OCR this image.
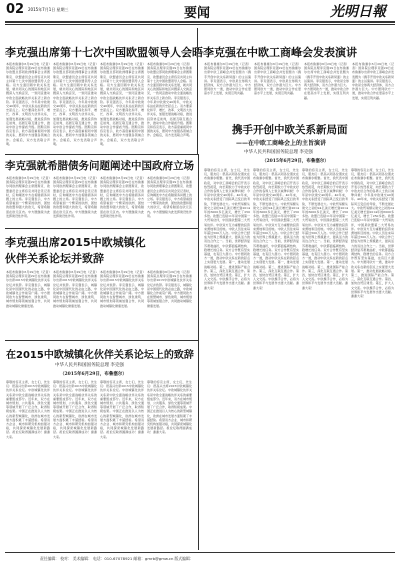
02 2015年7月1日 星期三	要闻	光明日報
李克强出席第十七次中国欧盟领导人会晤
本报布鲁塞尔6月29日电（记者）国务院总理李克强29日在布鲁塞尔欧盟总部同欧洲理事会主席图斯克、欧盟委员会主席容克共同主持第十七次中国欧盟领导人会晤。双方全面回顾中欧关系发展，就共同关心的国际和地区问题深入交换意见，一致同意推动中欧全面战略伙伴关系迈上新台阶。李克强表示，今年是中欧建交40周年，中欧关系站在新的历史起点上。双方要深化和平、增长、改革、文明四大伙伴关系，加强发展战略对接，推进投资协定谈判，拓展互联互通合作，推动中欧合作提质升级。图斯克和容克表示，欧方高度重视同中国的关系，愿同中方加强各领域合作。会晤后，双方发表联合声明。
本报布鲁塞尔6月29日电（记者）国务院总理李克强29日在布鲁塞尔欧盟总部同欧洲理事会主席图斯克、欧盟委员会主席容克共同主持第十七次中国欧盟领导人会晤。双方全面回顾中欧关系发展，就共同关心的国际和地区问题深入交换意见，一致同意推动中欧全面战略伙伴关系迈上新台阶。李克强表示，今年是中欧建交40周年，中欧关系站在新的历史起点上。双方要深化和平、增长、改革、文明四大伙伴关系，加强发展战略对接，推进投资协定谈判，拓展互联互通合作，推动中欧合作提质升级。图斯克和容克表示，欧方高度重视同中国的关系，愿同中方加强各领域合作。会晤后，双方发表联合声明。
本报布鲁塞尔6月29日电（记者）国务院总理李克强29日在布鲁塞尔欧盟总部同欧洲理事会主席图斯克、欧盟委员会主席容克共同主持第十七次中国欧盟领导人会晤。双方全面回顾中欧关系发展，就共同关心的国际和地区问题深入交换意见，一致同意推动中欧全面战略伙伴关系迈上新台阶。李克强表示，今年是中欧建交40周年，中欧关系站在新的历史起点上。双方要深化和平、增长、改革、文明四大伙伴关系，加强发展战略对接，推进投资协定谈判，拓展互联互通合作，推动中欧合作提质升级。图斯克和容克表示，欧方高度重视同中国的关系，愿同中方加强各领域合作。会晤后，双方发表联合声明。
本报布鲁塞尔6月29日电（记者）国务院总理李克强29日在布鲁塞尔欧盟总部同欧洲理事会主席图斯克、欧盟委员会主席容克共同主持第十七次中国欧盟领导人会晤。双方全面回顾中欧关系发展，就共同关心的国际和地区问题深入交换意见，一致同意推动中欧全面战略伙伴关系迈上新台阶。李克强表示，今年是中欧建交40周年，中欧关系站在新的历史起点上。双方要深化和平、增长、改革、文明四大伙伴关系，加强发展战略对接，推进投资协定谈判，拓展互联互通合作，推动中欧合作提质升级。图斯克和容克表示，欧方高度重视同中国的关系，愿同中方加强各领域合作。会晤后，双方发表联合声明。
李克强在中欧工商峰会发表演讲
本报布鲁塞尔6月29日电（记者）国务院总理李克强29日在布鲁塞尔出席中欧工商峰会并发表题为《携手开创中欧关系新局面》的主旨演讲。李克强表示，中欧是全球两大经济体，双方合作潜力巨大。中方愿同欧方一道，推动中欧合作在更高水平上发展，实现互利共赢。
本报布鲁塞尔6月29日电（记者）国务院总理李克强29日在布鲁塞尔出席中欧工商峰会并发表题为《携手开创中欧关系新局面》的主旨演讲。李克强表示，中欧是全球两大经济体，双方合作潜力巨大。中方愿同欧方一道，推动中欧合作在更高水平上发展，实现互利共赢。
本报布鲁塞尔6月29日电（记者）国务院总理李克强29日在布鲁塞尔出席中欧工商峰会并发表题为《携手开创中欧关系新局面》的主旨演讲。李克强表示，中欧是全球两大经济体，双方合作潜力巨大。中方愿同欧方一道，推动中欧合作在更高水平上发展，实现互利共赢。
本报布鲁塞尔6月29日电（记者）国务院总理李克强29日在布鲁塞尔出席中欧工商峰会并发表题为《携手开创中欧关系新局面》的主旨演讲。李克强表示，中欧是全球两大经济体，双方合作潜力巨大。中方愿同欧方一道，推动中欧合作在更高水平上发展，实现互利共赢。
携手开创中欧关系新局面
——在中欧工商峰会上的主旨演讲
中华人民共和国国务院总理 李克强
（2015年6月29日，布鲁塞尔）
尊敬的容克主席，女士们，先生们，朋友们：很高兴同各位朋友在布鲁塞尔相聚。首先，我代表中国政府，对中欧工商峰会的召开表示热烈祝贺，向长期致力于中欧友好合作的各界人士致以诚挚问候！今年是中欧建交40周年。40年来，中欧关系经受了国际风云变幻的考验，不断发展壮大。中欧贸易额从建交之初的24亿美元增长到2014年的6000多亿美元，增长了250多倍。欧盟已连续11年是中国第一大贸易伙伴，中国是欧盟第二大贸易伙伴。中欧双方互为重要的投资来源地和目的地。中欧人员往来每年超过500万人次。中欧合作已经成为世界上规模最大、最具活力的双边合作之一。当前，世界经济复苏艰难曲折，中欧都面临调结构、稳增长的任务。双方合作既有坚实基础，也有巨大潜力。中方愿同欧方一道，推动中欧关系在新的起点上实现更大发展。第一，推动发展战略对接。第二，推进国际产能合作。第三，深化互联互通合作。第四，加快自贸区建设。第五，扩大人文交流。中欧携手合作，必将为世界和平与发展作出更大贡献。谢谢大家！
尊敬的容克主席，女士们，先生们，朋友们：很高兴同各位朋友在布鲁塞尔相聚。首先，我代表中国政府，对中欧工商峰会的召开表示热烈祝贺，向长期致力于中欧友好合作的各界人士致以诚挚问候！今年是中欧建交40周年。40年来，中欧关系经受了国际风云变幻的考验，不断发展壮大。中欧贸易额从建交之初的24亿美元增长到2014年的6000多亿美元，增长了250多倍。欧盟已连续11年是中国第一大贸易伙伴，中国是欧盟第二大贸易伙伴。中欧双方互为重要的投资来源地和目的地。中欧人员往来每年超过500万人次。中欧合作已经成为世界上规模最大、最具活力的双边合作之一。当前，世界经济复苏艰难曲折，中欧都面临调结构、稳增长的任务。双方合作既有坚实基础，也有巨大潜力。中方愿同欧方一道，推动中欧关系在新的起点上实现更大发展。第一，推动发展战略对接。第二，推进国际产能合作。第三，深化互联互通合作。第四，加快自贸区建设。第五，扩大人文交流。中欧携手合作，必将为世界和平与发展作出更大贡献。谢谢大家！
尊敬的容克主席，女士们，先生们，朋友们：很高兴同各位朋友在布鲁塞尔相聚。首先，我代表中国政府，对中欧工商峰会的召开表示热烈祝贺，向长期致力于中欧友好合作的各界人士致以诚挚问候！今年是中欧建交40周年。40年来，中欧关系经受了国际风云变幻的考验，不断发展壮大。中欧贸易额从建交之初的24亿美元增长到2014年的6000多亿美元，增长了250多倍。欧盟已连续11年是中国第一大贸易伙伴，中国是欧盟第二大贸易伙伴。中欧双方互为重要的投资来源地和目的地。中欧人员往来每年超过500万人次。中欧合作已经成为世界上规模最大、最具活力的双边合作之一。当前，世界经济复苏艰难曲折，中欧都面临调结构、稳增长的任务。双方合作既有坚实基础，也有巨大潜力。中方愿同欧方一道，推动中欧关系在新的起点上实现更大发展。第一，推动发展战略对接。第二，推进国际产能合作。第三，深化互联互通合作。第四，加快自贸区建设。第五，扩大人文交流。中欧携手合作，必将为世界和平与发展作出更大贡献。谢谢大家！
尊敬的容克主席，女士们，先生们，朋友们：很高兴同各位朋友在布鲁塞尔相聚。首先，我代表中国政府，对中欧工商峰会的召开表示热烈祝贺，向长期致力于中欧友好合作的各界人士致以诚挚问候！今年是中欧建交40周年。40年来，中欧关系经受了国际风云变幻的考验，不断发展壮大。中欧贸易额从建交之初的24亿美元增长到2014年的6000多亿美元，增长了250多倍。欧盟已连续11年是中国第一大贸易伙伴，中国是欧盟第二大贸易伙伴。中欧双方互为重要的投资来源地和目的地。中欧人员往来每年超过500万人次。中欧合作已经成为世界上规模最大、最具活力的双边合作之一。当前，世界经济复苏艰难曲折，中欧都面临调结构、稳增长的任务。双方合作既有坚实基础，也有巨大潜力。中方愿同欧方一道，推动中欧关系在新的起点上实现更大发展。第一，推动发展战略对接。第二，推进国际产能合作。第三，深化互联互通合作。第四，加快自贸区建设。第五，扩大人文交流。中欧携手合作，必将为世界和平与发展作出更大贡献。谢谢大家！
李克强就希腊债务问题阐述中国政府立场
本报布鲁塞尔6月29日电（记者）国务院总理李克强29日在布鲁塞尔同欧洲理事会主席图斯克、欧盟委员会主席容克共同会见记者时，应询阐述中方在希腊债务问题上的立场。李克强表示，中方希望看到一个繁荣的欧洲、团结的欧盟和强大的欧元，希望希腊留在欧元区内。中方愿继续为此发挥建设性作用。
本报布鲁塞尔6月29日电（记者）国务院总理李克强29日在布鲁塞尔同欧洲理事会主席图斯克、欧盟委员会主席容克共同会见记者时，应询阐述中方在希腊债务问题上的立场。李克强表示，中方希望看到一个繁荣的欧洲、团结的欧盟和强大的欧元，希望希腊留在欧元区内。中方愿继续为此发挥建设性作用。
本报布鲁塞尔6月29日电（记者）国务院总理李克强29日在布鲁塞尔同欧洲理事会主席图斯克、欧盟委员会主席容克共同会见记者时，应询阐述中方在希腊债务问题上的立场。李克强表示，中方希望看到一个繁荣的欧洲、团结的欧盟和强大的欧元，希望希腊留在欧元区内。中方愿继续为此发挥建设性作用。
本报布鲁塞尔6月29日电（记者）国务院总理李克强29日在布鲁塞尔同欧洲理事会主席图斯克、欧盟委员会主席容克共同会见记者时，应询阐述中方在希腊债务问题上的立场。李克强表示，中方希望看到一个繁荣的欧洲、团结的欧盟和强大的欧元，希望希腊留在欧元区内。中方愿继续为此发挥建设性作用。
李克强出席2015中欧城镇化
伙伴关系论坛并致辞
本报布鲁塞尔6月29日电（记者）国务院总理李克强29日在布鲁塞尔出席2015中欧城镇化伙伴关系论坛并致辞。李克强表示，城镇化是中国现代化的必由之路，中欧城镇化合作前景广阔。中方愿同欧方在智慧城市、绿色建筑、城市规划等领域加强合作，共同推动城镇化健康发展。
本报布鲁塞尔6月29日电（记者）国务院总理李克强29日在布鲁塞尔出席2015中欧城镇化伙伴关系论坛并致辞。李克强表示，城镇化是中国现代化的必由之路，中欧城镇化合作前景广阔。中方愿同欧方在智慧城市、绿色建筑、城市规划等领域加强合作，共同推动城镇化健康发展。
本报布鲁塞尔6月29日电（记者）国务院总理李克强29日在布鲁塞尔出席2015中欧城镇化伙伴关系论坛并致辞。李克强表示，城镇化是中国现代化的必由之路，中欧城镇化合作前景广阔。中方愿同欧方在智慧城市、绿色建筑、城市规划等领域加强合作，共同推动城镇化健康发展。
本报布鲁塞尔6月29日电（记者）国务院总理李克强29日在布鲁塞尔出席2015中欧城镇化伙伴关系论坛并致辞。李克强表示，城镇化是中国现代化的必由之路，中欧城镇化合作前景广阔。中方愿同欧方在智慧城市、绿色建筑、城市规划等领域加强合作，共同推动城镇化健康发展。
在2015中欧城镇化伙伴关系论坛上的致辞
中华人民共和国国务院总理 李克强
（2015年6月29日，布鲁塞尔）
尊敬的容克主席，女士们，先生们：很高兴出席2015中欧城镇化伙伴关系论坛。中欧城镇化伙伴关系是中欧全面战略伙伴关系的重要组成部分。近年来，双方在城市规划、公共服务、绿色交通等领域开展了广泛合作，取得积极成果。中国正在推进以人为核心的新型城镇化，欧洲在城市发展方面积累了丰富经验。希望双方企业、城市和研究机构加强对接，共同探索城镇化发展新路径。祝论坛取得圆满成功！谢谢大家。
尊敬的容克主席，女士们，先生们：很高兴出席2015中欧城镇化伙伴关系论坛。中欧城镇化伙伴关系是中欧全面战略伙伴关系的重要组成部分。近年来，双方在城市规划、公共服务、绿色交通等领域开展了广泛合作，取得积极成果。中国正在推进以人为核心的新型城镇化，欧洲在城市发展方面积累了丰富经验。希望双方企业、城市和研究机构加强对接，共同探索城镇化发展新路径。祝论坛取得圆满成功！谢谢大家。
尊敬的容克主席，女士们，先生们：很高兴出席2015中欧城镇化伙伴关系论坛。中欧城镇化伙伴关系是中欧全面战略伙伴关系的重要组成部分。近年来，双方在城市规划、公共服务、绿色交通等领域开展了广泛合作，取得积极成果。中国正在推进以人为核心的新型城镇化，欧洲在城市发展方面积累了丰富经验。希望双方企业、城市和研究机构加强对接，共同探索城镇化发展新路径。祝论坛取得圆满成功！谢谢大家。
尊敬的容克主席，女士们，先生们：很高兴出席2015中欧城镇化伙伴关系论坛。中欧城镇化伙伴关系是中欧全面战略伙伴关系的重要组成部分。近年来，双方在城市规划、公共服务、绿色交通等领域开展了广泛合作，取得积极成果。中国正在推进以人为核心的新型城镇化，欧洲在城市发展方面积累了丰富经验。希望双方企业、城市和研究机构加强对接，共同探索城镇化发展新路径。祝论坛取得圆满成功！谢谢大家。
责任编辑： 校对： 美术编辑： 电话：010-67078921 邮箱：gmrb@gmw.cn 版式编辑：
